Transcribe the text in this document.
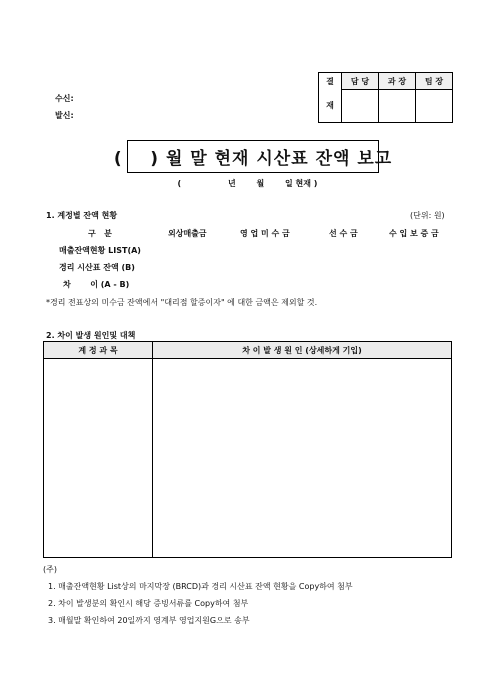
수신:
발신:
결
재	담 당	과 장	팀 장

(    ) 월 말 현재 시산표 잔액 보고
(	년	월	일 현재 )
1. 계정별 잔액 현황	(단위: 원)
구   분	외상매출금	영 업 미 수 금	선 수 금	수 입 보 증 금
매출잔액현황 LIST(A)
경리 시산표 잔액 (B)
차       이 (A - B)
*경리 전표상의 미수금 잔액에서 "대리점 할증이자" 에 대한 금액은 제외할 것.
2. 차이 발생 원인및 대책
계 정 과 목	차 이 발 생 원 인 (상세하게 기입)
(주)
1. 매출잔액현황 List상의 마지막장 (BRCD)과 경리 시산표 잔액 현황을 Copy하여 첨부
2. 차이 발생분의 확인시 해당 증빙서류를 Copy하여 첨부
3. 매월말 확인하여 20일까지 영계부 영업지원G으로 송부
